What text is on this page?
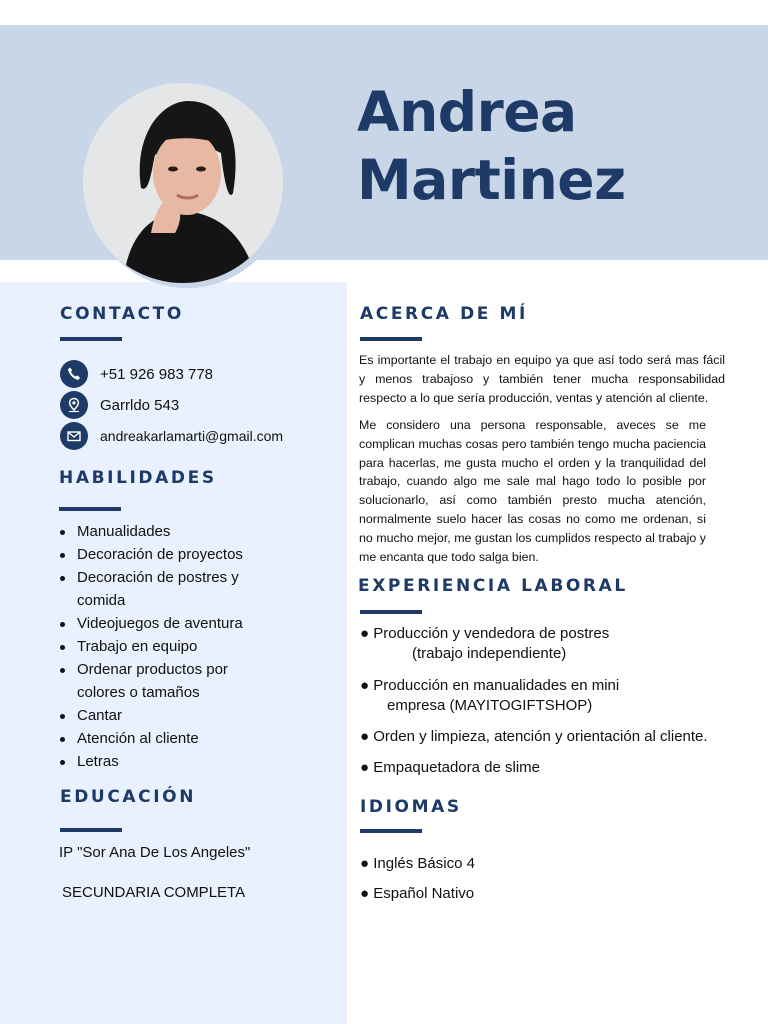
Andrea
Martinez
CONTACTO
+51 926 983 778
Garrldo 543
andreakarlamarti@gmail.com
HABILIDADES
Manualidades
Decoración de proyectos
Decoración de postres y comida
Videojuegos de aventura
Trabajo en equipo
Ordenar productos por colores o tamaños
Cantar
Atención al cliente
Letras
EDUCACIÓN

IP "Sor Ana De Los Angeles"

SECUNDARIA COMPLETA

ACERCA DE MÍ

Es importante el trabajo en equipo ya que así todo será mas fácil y menos trabajoso y también tener mucha responsabilidad respecto a lo que sería producción, ventas y atención al cliente.

Me considero una persona responsable, aveces se me complican muchas cosas pero también tengo mucha paciencia para hacerlas, me gusta mucho el orden y la tranquilidad del trabajo, cuando algo me sale mal hago todo lo posible por solucionarlo, así como también presto mucha atención, normalmente suelo hacer las cosas no como me ordenan, si no mucho mejor, me gustan los cumplidos respecto al trabajo y me encanta que todo salga bien.

EXPERIENCIA LABORAL

● Producción y vendedora de postres
(trabajo independiente)

● Producción en manualidades en mini
empresa (MAYITOGIFTSHOP)

● Orden y limpieza, atención y orientación al cliente.

● Empaquetadora de slime

IDIOMAS

● Inglés Básico 4

● Español Nativo
